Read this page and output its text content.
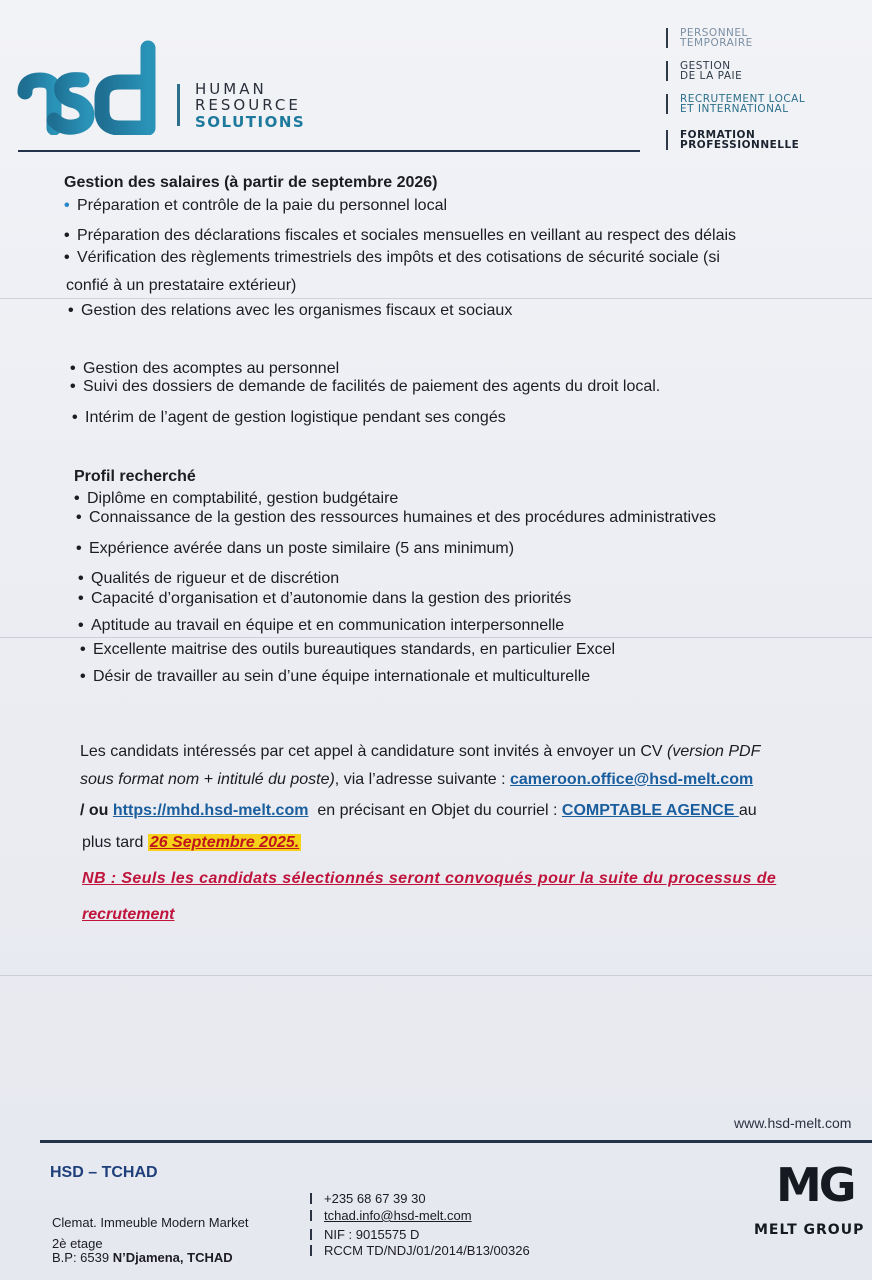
HUMAN
RESOURCE
SOLUTIONS
PERSONNEL
TEMPORAIRE
GESTION
DE LA PAIE
RECRUTEMENT LOCAL
ET INTERNATIONAL
FORMATION
PROFESSIONNELLE
Gestion des salaires (à partir de septembre 2026)
• Préparation et contrôle de la paie du personnel local
• Préparation des déclarations fiscales et sociales mensuelles en veillant au respect des délais
• Vérification des règlements trimestriels des impôts et des cotisations de sécurité sociale (si
confié à un prestataire extérieur)
• Gestion des relations avec les organismes fiscaux et sociaux
• Gestion des acomptes au personnel
• Suivi des dossiers de demande de facilités de paiement des agents du droit local.
• Intérim de l’agent de gestion logistique pendant ses congés
Profil recherché
• Diplôme en comptabilité, gestion budgétaire
• Connaissance de la gestion des ressources humaines et des procédures administratives
• Expérience avérée dans un poste similaire (5 ans minimum)
• Qualités de rigueur et de discrétion
• Capacité d’organisation et d’autonomie dans la gestion des priorités
• Aptitude au travail en équipe et en communication interpersonnelle
• Excellente maitrise des outils bureautiques standards, en particulier Excel
• Désir de travailler au sein d’une équipe internationale et multiculturelle
Les candidats intéressés par cet appel à candidature sont invités à envoyer un CV (version PDF
sous format nom + intitulé du poste), via l’adresse suivante : cameroon.office@hsd-melt.com
/ ou https://mhd.hsd-melt.com  en précisant en Objet du courriel : COMPTABLE AGENCE au
plus tard 26 Septembre 2025.
NB : Seuls les candidats sélectionnés seront convoqués pour la suite du processus de
recrutement
www.hsd-melt.com
HSD – TCHAD
Clemat. Immeuble Modern Market
2è etage
B.P: 6539 N’Djamena, TCHAD
+235 68 67 39 30
tchad.info@hsd-melt.com
NIF : 9015575 D
RCCM TD/NDJ/01/2014/B13/00326
MG
MELT GROUP
